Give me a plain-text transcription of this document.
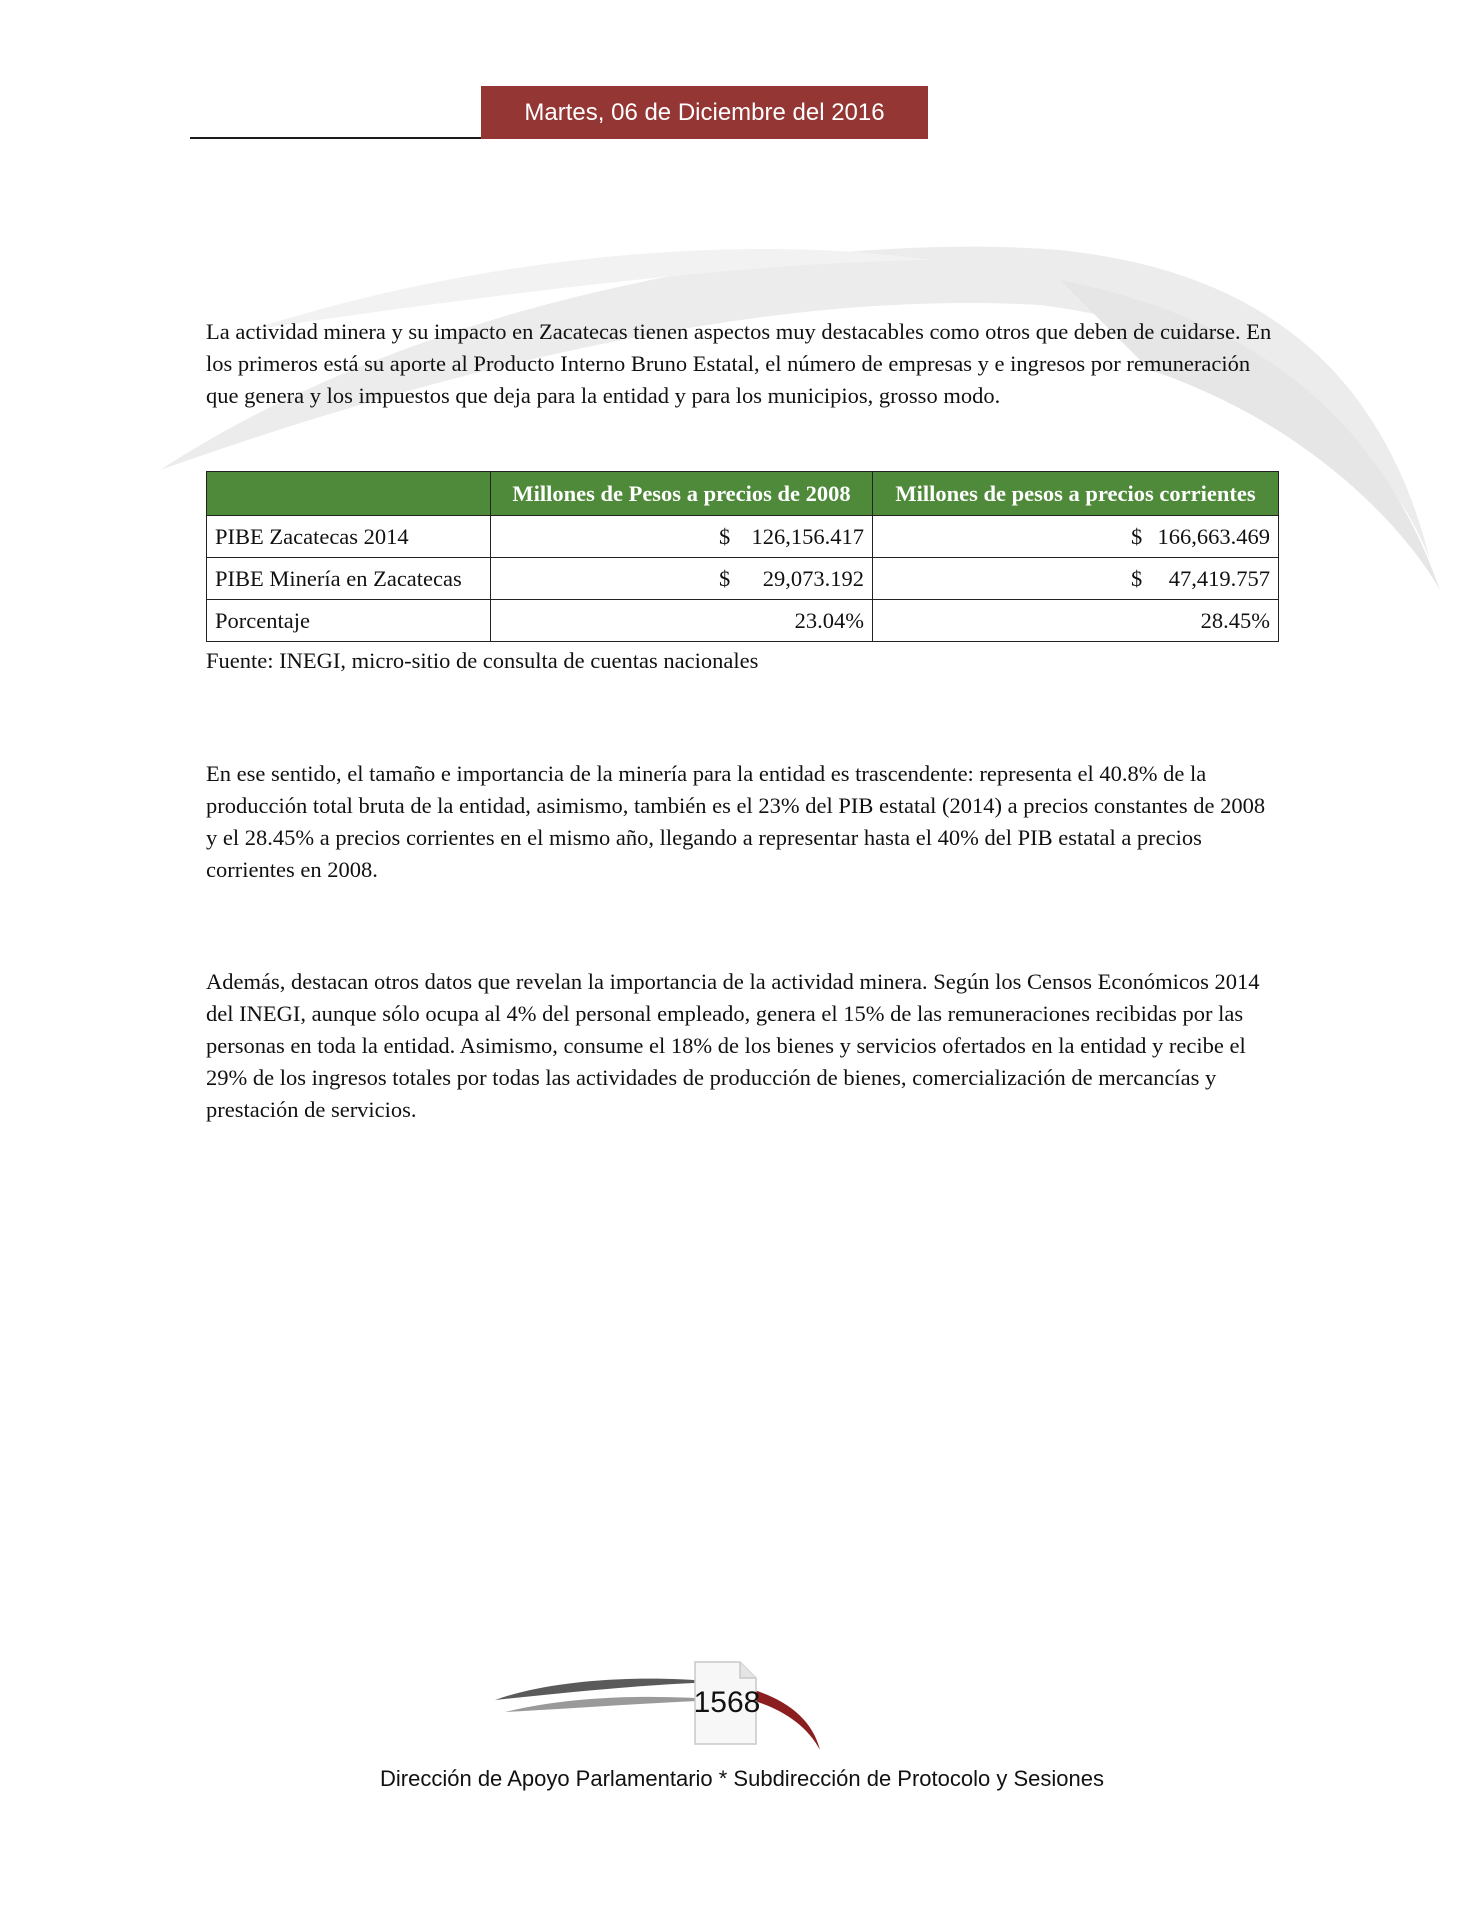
Martes, 06 de Diciembre del 2016

La actividad minera y su impacto en Zacatecas tienen aspectos muy destacables como otros que deben de cuidarse. En los primeros está su aporte al Producto Interno Bruno Estatal, el número de empresas y e ingresos por remuneración que genera y los impuestos que deja para la entidad y para los municipios, grosso modo.

	Millones de Pesos a precios de 2008	Millones de pesos a precios corrientes
PIBE Zacatecas 2014	$ 126,156.417	$ 166,663.469

PIBE Minería en Zacatecas	$ 29,073.192	$ 47,419.757

Porcentaje	23.04%	28.45%

Fuente: INEGI, micro-sitio de consulta de cuentas nacionales

En ese sentido, el tamaño e importancia de la minería para la entidad es trascendente: representa el 40.8% de la producción total bruta de la entidad, asimismo, también es el 23% del PIB estatal (2014) a precios constantes de 2008 y el 28.45% a precios corrientes en el mismo año, llegando a representar hasta el 40% del PIB estatal a precios corrientes en 2008.

Además, destacan otros datos que revelan la importancia de la actividad minera. Según los Censos Económicos 2014 del INEGI, aunque sólo ocupa al 4% del personal empleado, genera el 15% de las remuneraciones recibidas por las personas en toda la entidad. Asimismo, consume el 18% de los bienes y servicios ofertados en la entidad y recibe el 29% de los ingresos totales por todas las actividades de producción de bienes, comercialización de mercancías y prestación de servicios.

1568
Dirección de Apoyo Parlamentario * Subdirección de Protocolo y Sesiones
